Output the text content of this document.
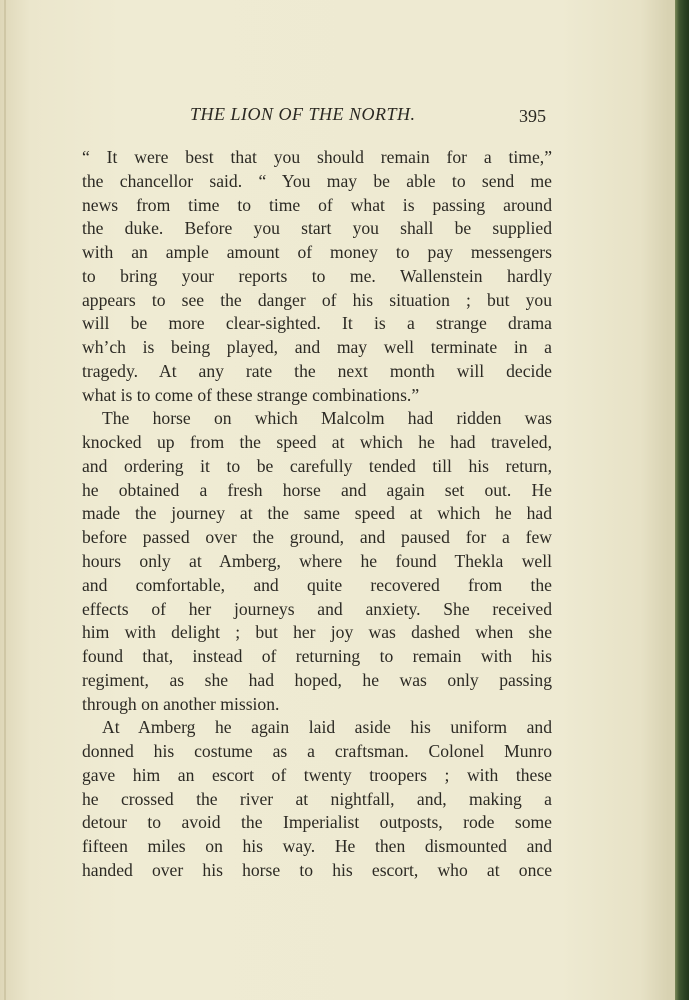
THE LION OF THE NORTH.	395
“ It were best that you should remain for a time,”
the chancellor said. “ You may be able to send me
news from time to time of what is passing around
the duke. Before you start you shall be supplied
with an ample amount of money to pay messengers
to bring your reports to me. Wallenstein hardly
appears to see the danger of his situation ; but you
will be more clear-sighted. It is a strange drama
wh’ch is being played, and may well terminate in a
tragedy. At any rate the next month will decide
what is to come of these strange combinations.”
The horse on which Malcolm had ridden was
knocked up from the speed at which he had traveled,
and ordering it to be carefully tended till his return,
he obtained a fresh horse and again set out. He
made the journey at the same speed at which he had
before passed over the ground, and paused for a few
hours only at Amberg, where he found Thekla well
and comfortable, and quite recovered from the
effects of her journeys and anxiety. She received
him with delight ; but her joy was dashed when she
found that, instead of returning to remain with his
regiment, as she had hoped, he was only passing
through on another mission.
At Amberg he again laid aside his uniform and
donned his costume as a craftsman. Colonel Munro
gave him an escort of twenty troopers ; with these
he crossed the river at nightfall, and, making a
detour to avoid the Imperialist outposts, rode some
fifteen miles on his way. He then dismounted and
handed over his horse to his escort, who at once
